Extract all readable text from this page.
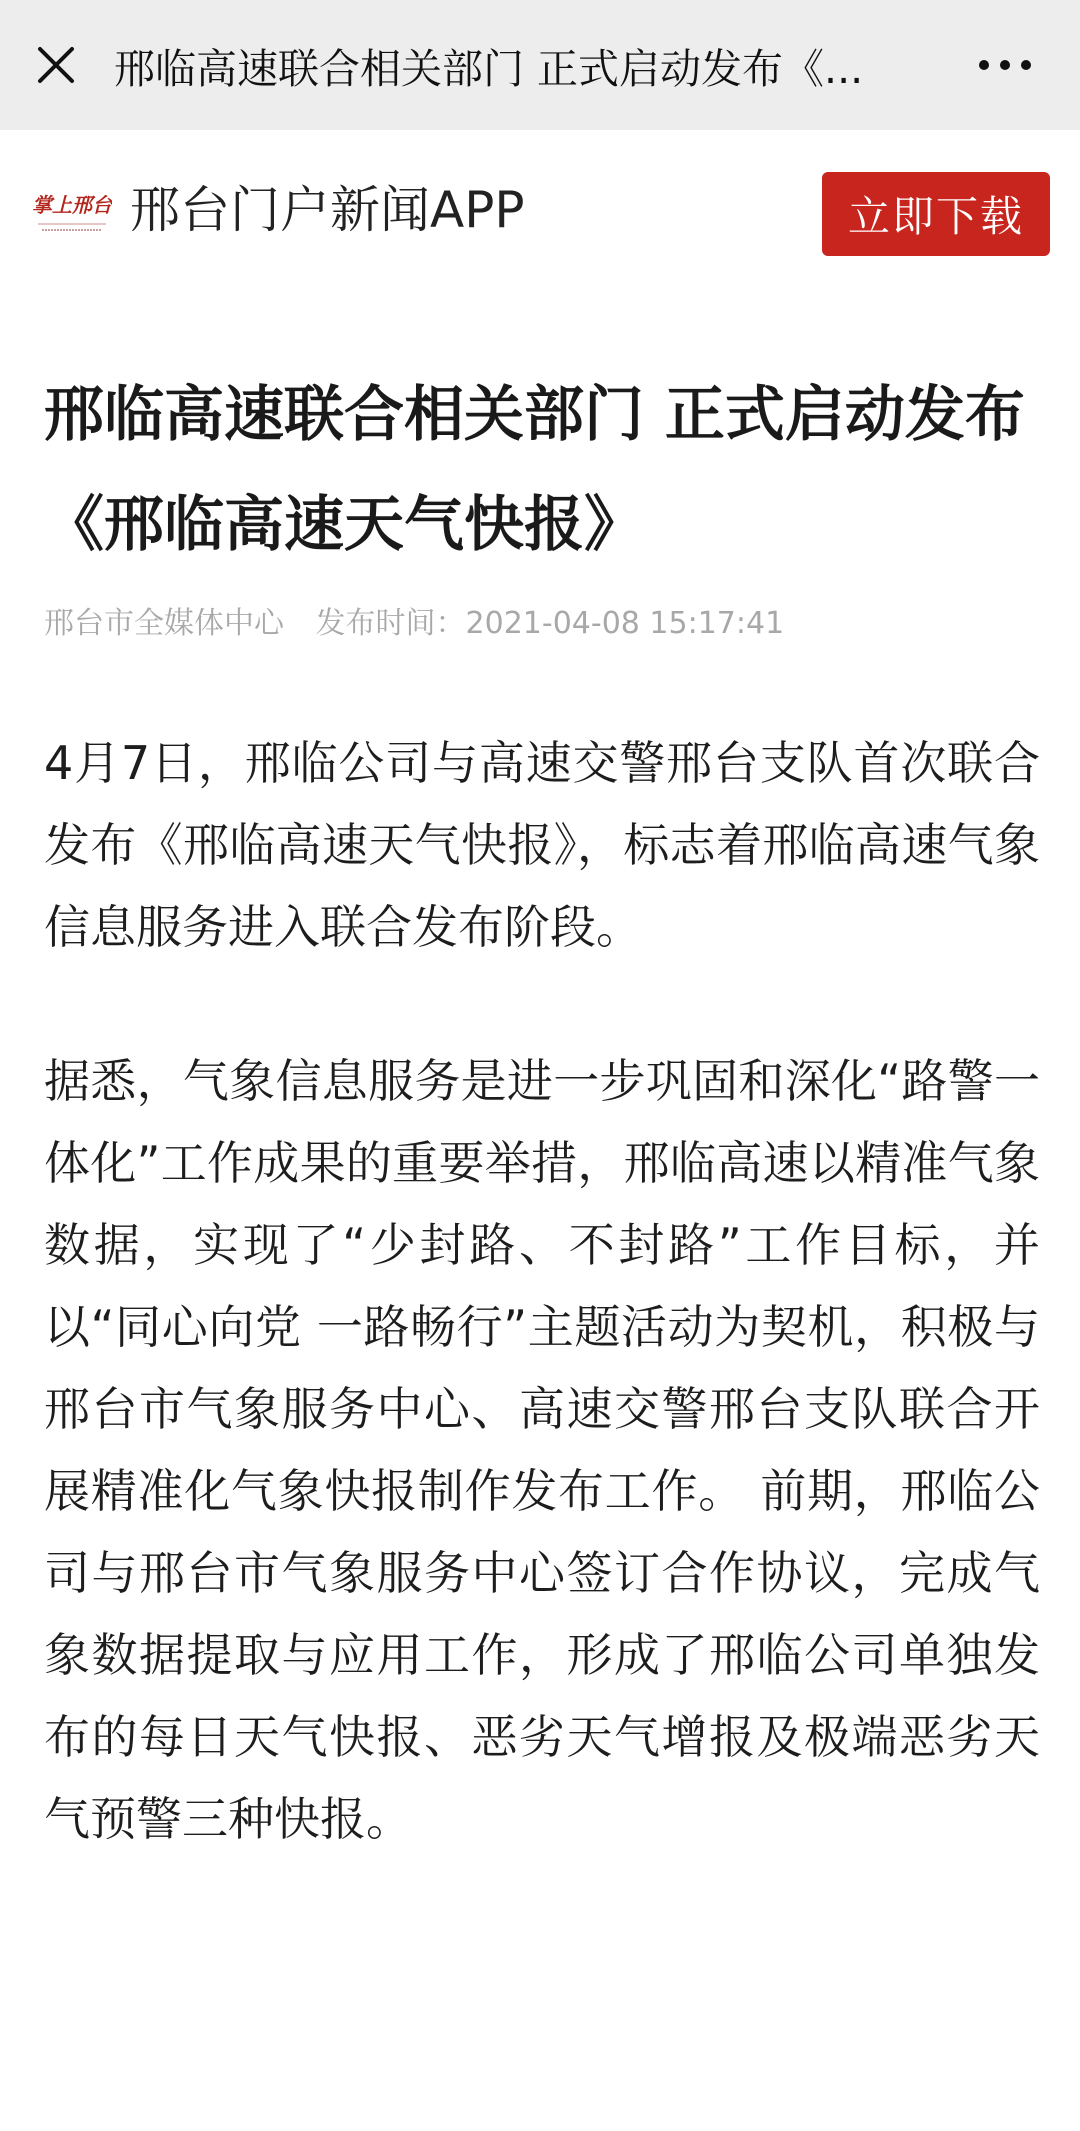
邢临高速联合相关部门 正式启动发布《...
掌上邢台 邢台门户新闻APP	立即下载
邢临高速联合相关部门 正式启动发布《邢临高速天气快报》
邢台市全媒体中心 发布时间：2021-04-08 15:17:41

4月7日，邢临公司与高速交警邢台支队首次联合发布《邢临高速天气快报》，标志着邢临高速气象信息服务进入联合发布阶段。

据悉，气象信息服务是进一步巩固和深化“路警一体化”工作成果的重要举措，邢临高速以精准气象数据，实现了“少封路、不封路”工作目标，并以“同心向党 一路畅行”主题活动为契机，积极与邢台市气象服务中心、高速交警邢台支队联合开展精准化气象快报制作发布工作。 前期，邢临公司与邢台市气象服务中心签订合作协议，完成气象数据提取与应用工作，形成了邢临公司单独发布的每日天气快报、恶劣天气增报及极端恶劣天气预警三种快报。
